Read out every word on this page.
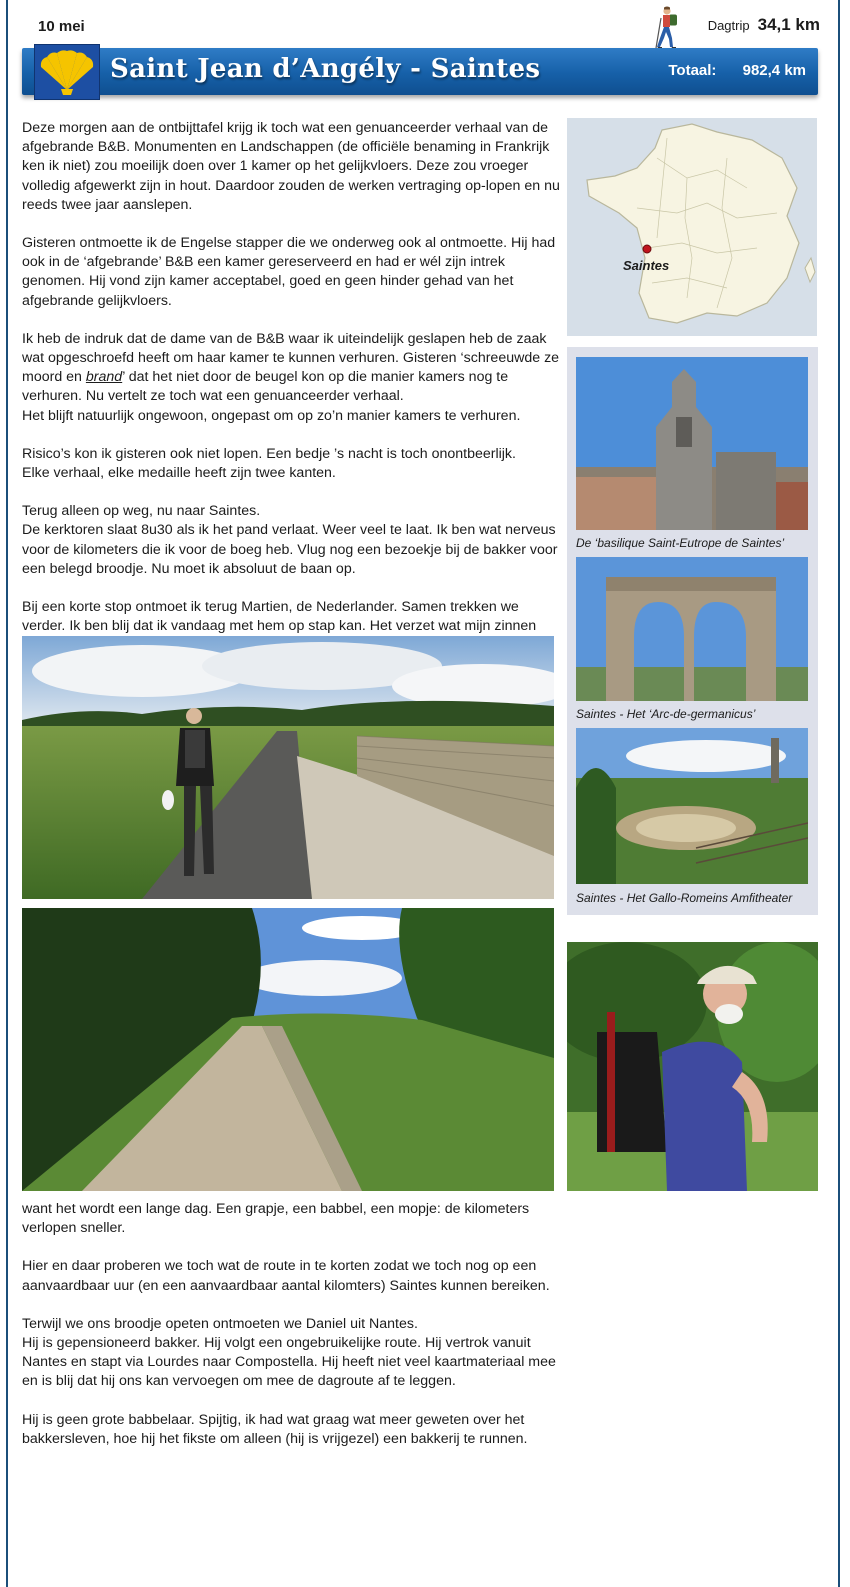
10 mei	Dagtrip 34,1 km
Saint Jean d’Angély - Saintes	Totaal: 982,4 km

Deze morgen aan de ontbijttafel krijg ik toch wat een genuanceerder verhaal van de afgebrande B&B. Monumenten en Landschappen (de officiële benaming in Frankrijk ken ik niet) zou moeilijk doen over 1 kamer op het gelijkvloers. Deze zou vroeger volledig afgewerkt zijn in hout. Daardoor zouden de werken vertraging op-lopen en nu reeds twee jaar aanslepen.

Gisteren ontmoette ik de Engelse stapper die we onderweg ook al ontmoette. Hij had ook in de ‘afgebrande’ B&B een kamer gereserveerd en had er wél zijn intrek genomen. Hij vond zijn kamer acceptabel, goed en geen hinder gehad van het afgebrande gelijkvloers.

Ik heb de indruk dat de dame van de B&B waar ik uiteindelijk geslapen heb de zaak wat opgeschroefd heeft om haar kamer te kunnen verhuren. Gisteren ‘schreeuwde ze moord en brand’ dat het niet door de beugel kon op die manier kamers nog te verhuren. Nu vertelt ze toch wat een genuanceerder verhaal.
Het blijft natuurlijk ongewoon, ongepast om op zo’n manier kamers te verhuren.

Risico’s kon ik gisteren ook niet lopen. Een bedje ’s nacht is toch onontbeerlijk.
Elke verhaal, elke medaille heeft zijn twee kanten.

Terug alleen op weg, nu naar Saintes.
De kerktoren slaat 8u30 als ik het pand verlaat. Weer veel te laat. Ik ben wat nerveus voor de kilometers die ik voor de boeg heb. Vlug nog een bezoekje bij de bakker voor een belegd broodje. Nu moet ik absoluut de baan op.

Bij een korte stop ontmoet ik terug Martien, de Nederlander. Samen trekken we verder. Ik ben blij dat ik vandaag met hem op stap kan. Het verzet wat mijn zinnen

want het wordt een lange dag. Een grapje, een babbel, een mopje: de kilometers verlopen sneller.

Hier en daar proberen we toch wat de route in te korten zodat we toch nog op een aanvaardbaar uur (en een aanvaardbaar aantal kilomters) Saintes kunnen bereiken.

Terwijl we ons broodje opeten ontmoeten we Daniel uit Nantes.
Hij is gepensioneerd bakker. Hij volgt een ongebruikelijke route. Hij vertrok vanuit Nantes en stapt via Lourdes naar Compostella. Hij heeft niet veel kaartmateriaal mee en is blij dat hij ons kan vervoegen om mee de dagroute af te leggen.

Hij is geen grote babbelaar. Spijtig, ik had wat graag wat meer geweten over het bakkersleven, hoe hij het fikste om alleen (hij is vrijgezel) een bakkerij te runnen.

Saintes
De ‘basilique Saint-Eutrope de Saintes’
Saintes - Het ‘Arc-de-germanicus’
Saintes - Het Gallo-Romeins Amfitheater
